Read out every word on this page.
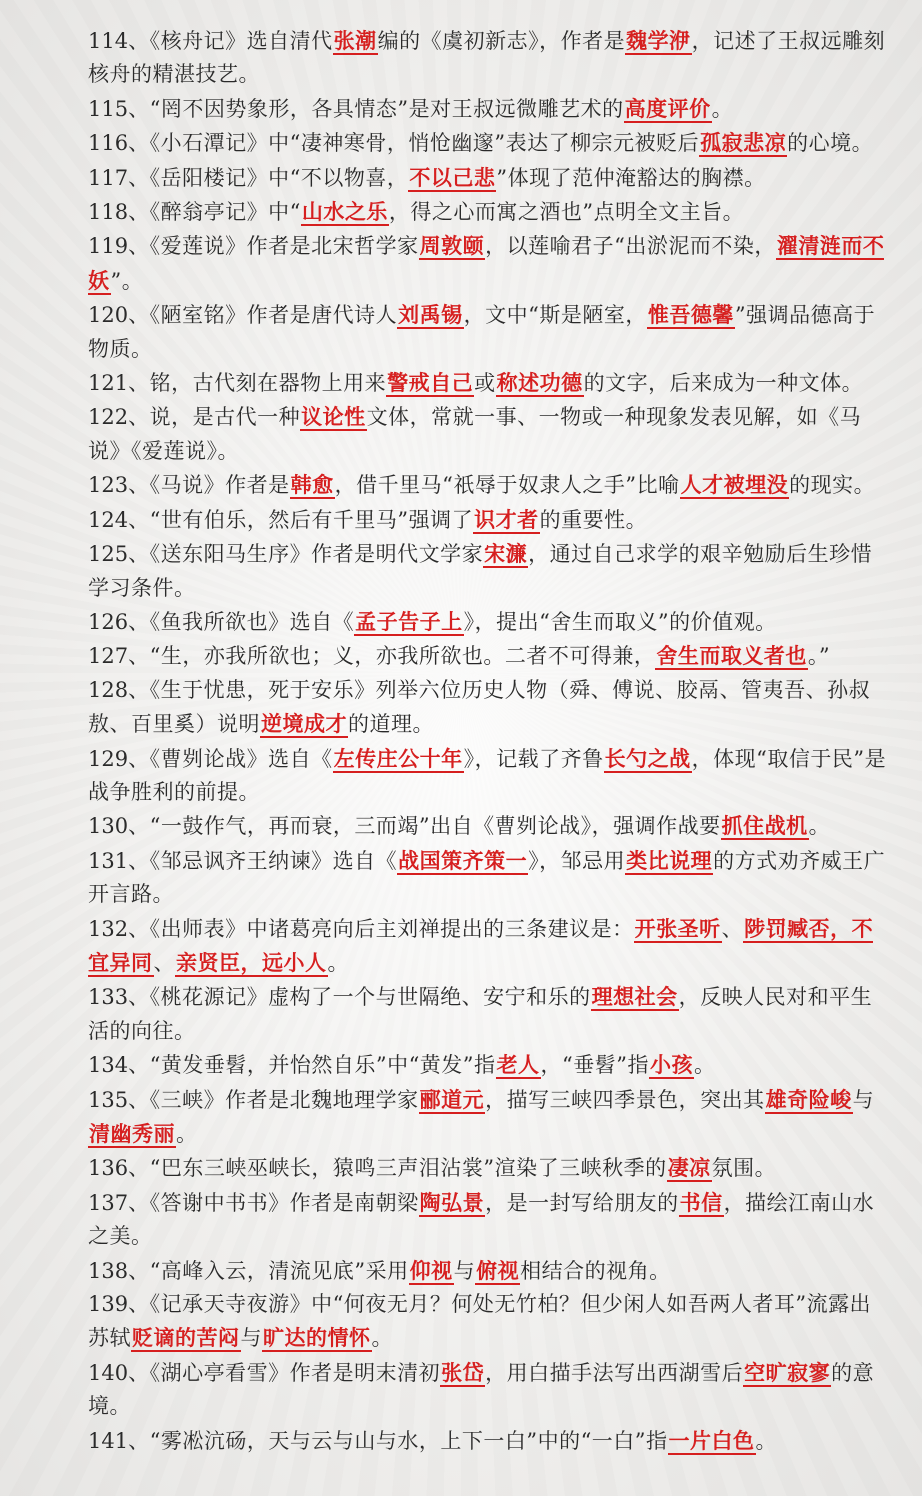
114、《核舟记》选自清代张潮编的《虞初新志》，作者是魏学洢，记述了王叔远雕刻核舟的精湛技艺。
115、“罔不因势象形，各具情态”是对王叔远微雕艺术的高度评价。
116、《小石潭记》中“凄神寒骨，悄怆幽邃”表达了柳宗元被贬后孤寂悲凉的心境。
117、《岳阳楼记》中“不以物喜，不以己悲”体现了范仲淹豁达的胸襟。
118、《醉翁亭记》中“山水之乐，得之心而寓之酒也”点明全文主旨。
119、《爱莲说》作者是北宋哲学家周敦颐，以莲喻君子“出淤泥而不染，濯清涟而不妖”。
120、《陋室铭》作者是唐代诗人刘禹锡，文中“斯是陋室，惟吾德馨”强调品德高于物质。
121、铭，古代刻在器物上用来警戒自己或称述功德的文字，后来成为一种文体。
122、说，是古代一种议论性文体，常就一事、一物或一种现象发表见解，如《马说》《爱莲说》。
123、《马说》作者是韩愈，借千里马“祇辱于奴隶人之手”比喻人才被埋没的现实。
124、“世有伯乐，然后有千里马”强调了识才者的重要性。
125、《送东阳马生序》作者是明代文学家宋濂，通过自己求学的艰辛勉励后生珍惜学习条件。
126、《鱼我所欲也》选自《孟子告子上》，提出“舍生而取义”的价值观。
127、“生，亦我所欲也；义，亦我所欲也。二者不可得兼，舍生而取义者也。”
128、《生于忧患，死于安乐》列举六位历史人物（舜、傅说、胶鬲、管夷吾、孙叔敖、百里奚）说明逆境成才的道理。
129、《曹刿论战》选自《左传庄公十年》，记载了齐鲁长勺之战，体现“取信于民”是战争胜利的前提。
130、“一鼓作气，再而衰，三而竭”出自《曹刿论战》，强调作战要抓住战机。
131、《邹忌讽齐王纳谏》选自《战国策齐策一》，邹忌用类比说理的方式劝齐威王广开言路。
132、《出师表》中诸葛亮向后主刘禅提出的三条建议是：开张圣听、陟罚臧否，不宜异同、亲贤臣，远小人。
133、《桃花源记》虚构了一个与世隔绝、安宁和乐的理想社会，反映人民对和平生活的向往。
134、“黄发垂髫，并怡然自乐”中“黄发”指老人，“垂髫”指小孩。
135、《三峡》作者是北魏地理学家郦道元，描写三峡四季景色，突出其雄奇险峻与清幽秀丽。
136、“巴东三峡巫峡长，猿鸣三声泪沾裳”渲染了三峡秋季的凄凉氛围。
137、《答谢中书书》作者是南朝梁陶弘景，是一封写给朋友的书信，描绘江南山水之美。
138、“高峰入云，清流见底”采用仰视与俯视相结合的视角。
139、《记承天寺夜游》中“何夜无月？何处无竹柏？但少闲人如吾两人者耳”流露出苏轼贬谪的苦闷与旷达的情怀。
140、《湖心亭看雪》作者是明末清初张岱，用白描手法写出西湖雪后空旷寂寥的意境。
141、“雾凇沆砀，天与云与山与水，上下一白”中的“一白”指一片白色。
